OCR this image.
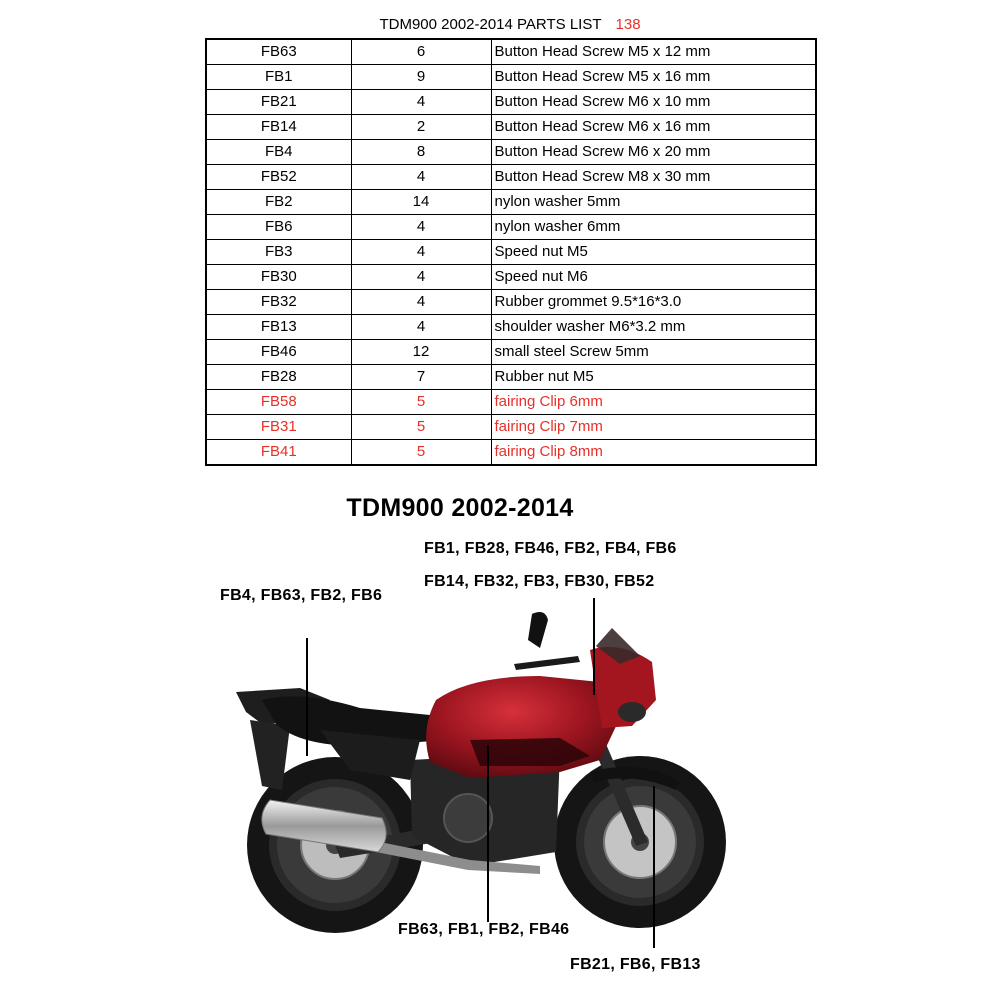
TDM900 2002-2014 PARTS LIST 138
FB63	6	Button Head Screw M5 x 12 mm
FB1	9	Button Head Screw M5 x 16 mm
FB21	4	Button Head Screw M6 x 10 mm
FB14	2	Button Head Screw M6 x 16 mm
FB4	8	Button Head Screw M6 x 20 mm
FB52	4	Button Head Screw M8 x 30 mm
FB2	14	nylon washer 5mm
FB6	4	nylon washer 6mm
FB3	4	Speed nut M5
FB30	4	Speed nut M6
FB32	4	Rubber grommet 9.5*16*3.0
FB13	4	shoulder washer M6*3.2 mm
FB46	12	small steel Screw 5mm
FB28	7	Rubber nut M5
FB58	5	fairing Clip 6mm
FB31	5	fairing Clip 7mm
FB41	5	fairing Clip 8mm
TDM900 2002-2014
FB1, FB28, FB46, FB2, FB4, FB6
FB14, FB32, FB3, FB30, FB52
FB4, FB63, FB2, FB6
FB63, FB1, FB2, FB46
FB21, FB6, FB13
